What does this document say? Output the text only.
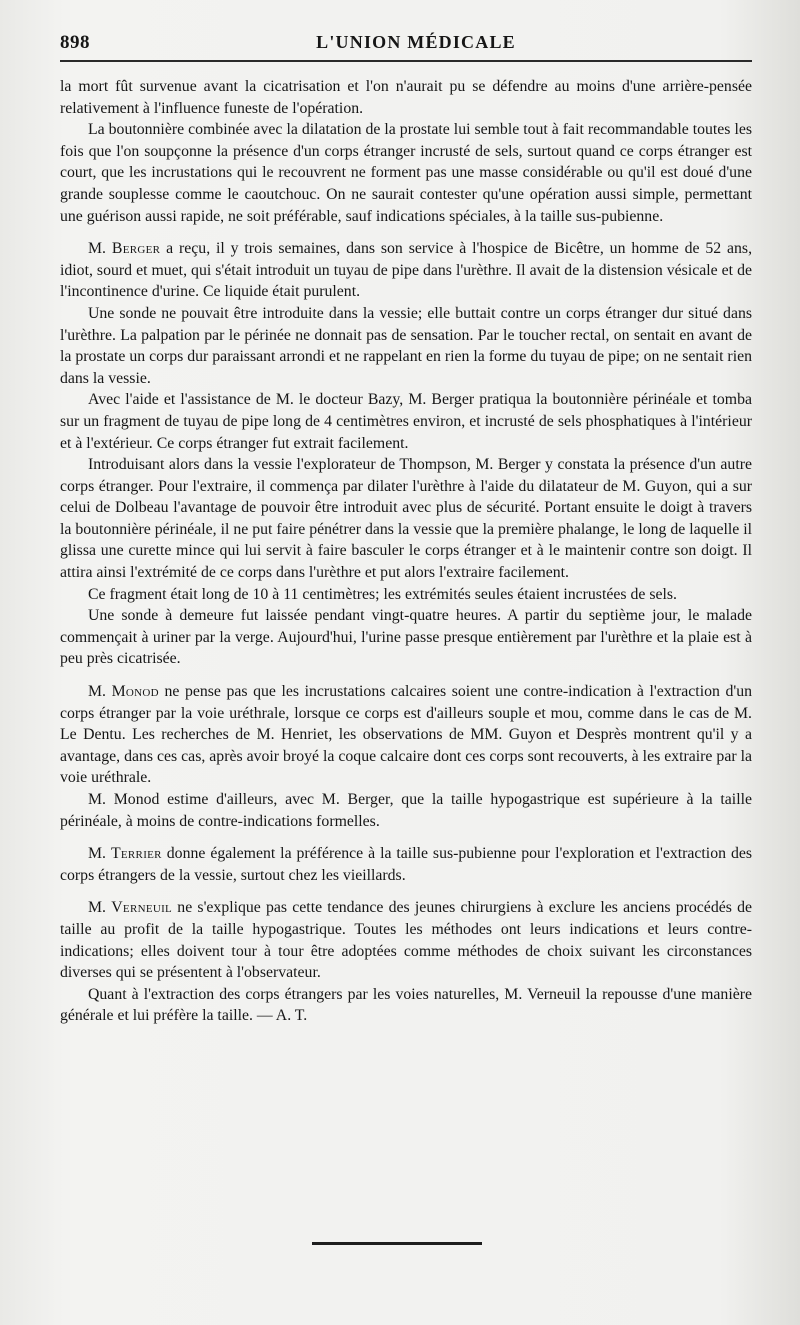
898	L'UNION MÉDICALE

la mort fût survenue avant la cicatrisation et l'on n'aurait pu se défendre au moins d'une arrière-pensée relativement à l'influence funeste de l'opération.

La boutonnière combinée avec la dilatation de la prostate lui semble tout à fait recommandable toutes les fois que l'on soupçonne la présence d'un corps étranger incrusté de sels, surtout quand ce corps étranger est court, que les incrustations qui le recouvrent ne forment pas une masse considérable ou qu'il est doué d'une grande souplesse comme le caoutchouc. On ne saurait contester qu'une opération aussi simple, permettant une guérison aussi rapide, ne soit préférable, sauf indications spéciales, à la taille sus-pubienne.

M. Berger a reçu, il y trois semaines, dans son service à l'hospice de Bicêtre, un homme de 52 ans, idiot, sourd et muet, qui s'était introduit un tuyau de pipe dans l'urèthre. Il avait de la distension vésicale et de l'incontinence d'urine. Ce liquide était purulent.

Une sonde ne pouvait être introduite dans la vessie; elle buttait contre un corps étranger dur situé dans l'urèthre. La palpation par le périnée ne donnait pas de sensation. Par le toucher rectal, on sentait en avant de la prostate un corps dur paraissant arrondi et ne rappelant en rien la forme du tuyau de pipe; on ne sentait rien dans la vessie.

Avec l'aide et l'assistance de M. le docteur Bazy, M. Berger pratiqua la boutonnière périnéale et tomba sur un fragment de tuyau de pipe long de 4 centimètres environ, et incrusté de sels phosphatiques à l'intérieur et à l'extérieur. Ce corps étranger fut extrait facilement.

Introduisant alors dans la vessie l'explorateur de Thompson, M. Berger y constata la présence d'un autre corps étranger. Pour l'extraire, il commença par dilater l'urèthre à l'aide du dilatateur de M. Guyon, qui a sur celui de Dolbeau l'avantage de pouvoir être introduit avec plus de sécurité. Portant ensuite le doigt à travers la boutonnière périnéale, il ne put faire pénétrer dans la vessie que la première phalange, le long de laquelle il glissa une curette mince qui lui servit à faire basculer le corps étranger et à le maintenir contre son doigt. Il attira ainsi l'extrémité de ce corps dans l'urèthre et put alors l'extraire facilement.

Ce fragment était long de 10 à 11 centimètres; les extrémités seules étaient incrustées de sels.

Une sonde à demeure fut laissée pendant vingt-quatre heures. A partir du septième jour, le malade commençait à uriner par la verge. Aujourd'hui, l'urine passe presque entièrement par l'urèthre et la plaie est à peu près cicatrisée.

M. Monod ne pense pas que les incrustations calcaires soient une contre-indication à l'extraction d'un corps étranger par la voie uréthrale, lorsque ce corps est d'ailleurs souple et mou, comme dans le cas de M. Le Dentu. Les recherches de M. Henriet, les observations de MM. Guyon et Desprès montrent qu'il y a avantage, dans ces cas, après avoir broyé la coque calcaire dont ces corps sont recouverts, à les extraire par la voie uréthrale.

M. Monod estime d'ailleurs, avec M. Berger, que la taille hypogastrique est supérieure à la taille périnéale, à moins de contre-indications formelles.

M. Terrier donne également la préférence à la taille sus-pubienne pour l'exploration et l'extraction des corps étrangers de la vessie, surtout chez les vieillards.

M. Verneuil ne s'explique pas cette tendance des jeunes chirurgiens à exclure les anciens procédés de taille au profit de la taille hypogastrique. Toutes les méthodes ont leurs indications et leurs contre-indications; elles doivent tour à tour être adoptées comme méthodes de choix suivant les circonstances diverses qui se présentent à l'observateur.

Quant à l'extraction des corps étrangers par les voies naturelles, M. Verneuil la repousse d'une manière générale et lui préfère la taille. — A. T.
